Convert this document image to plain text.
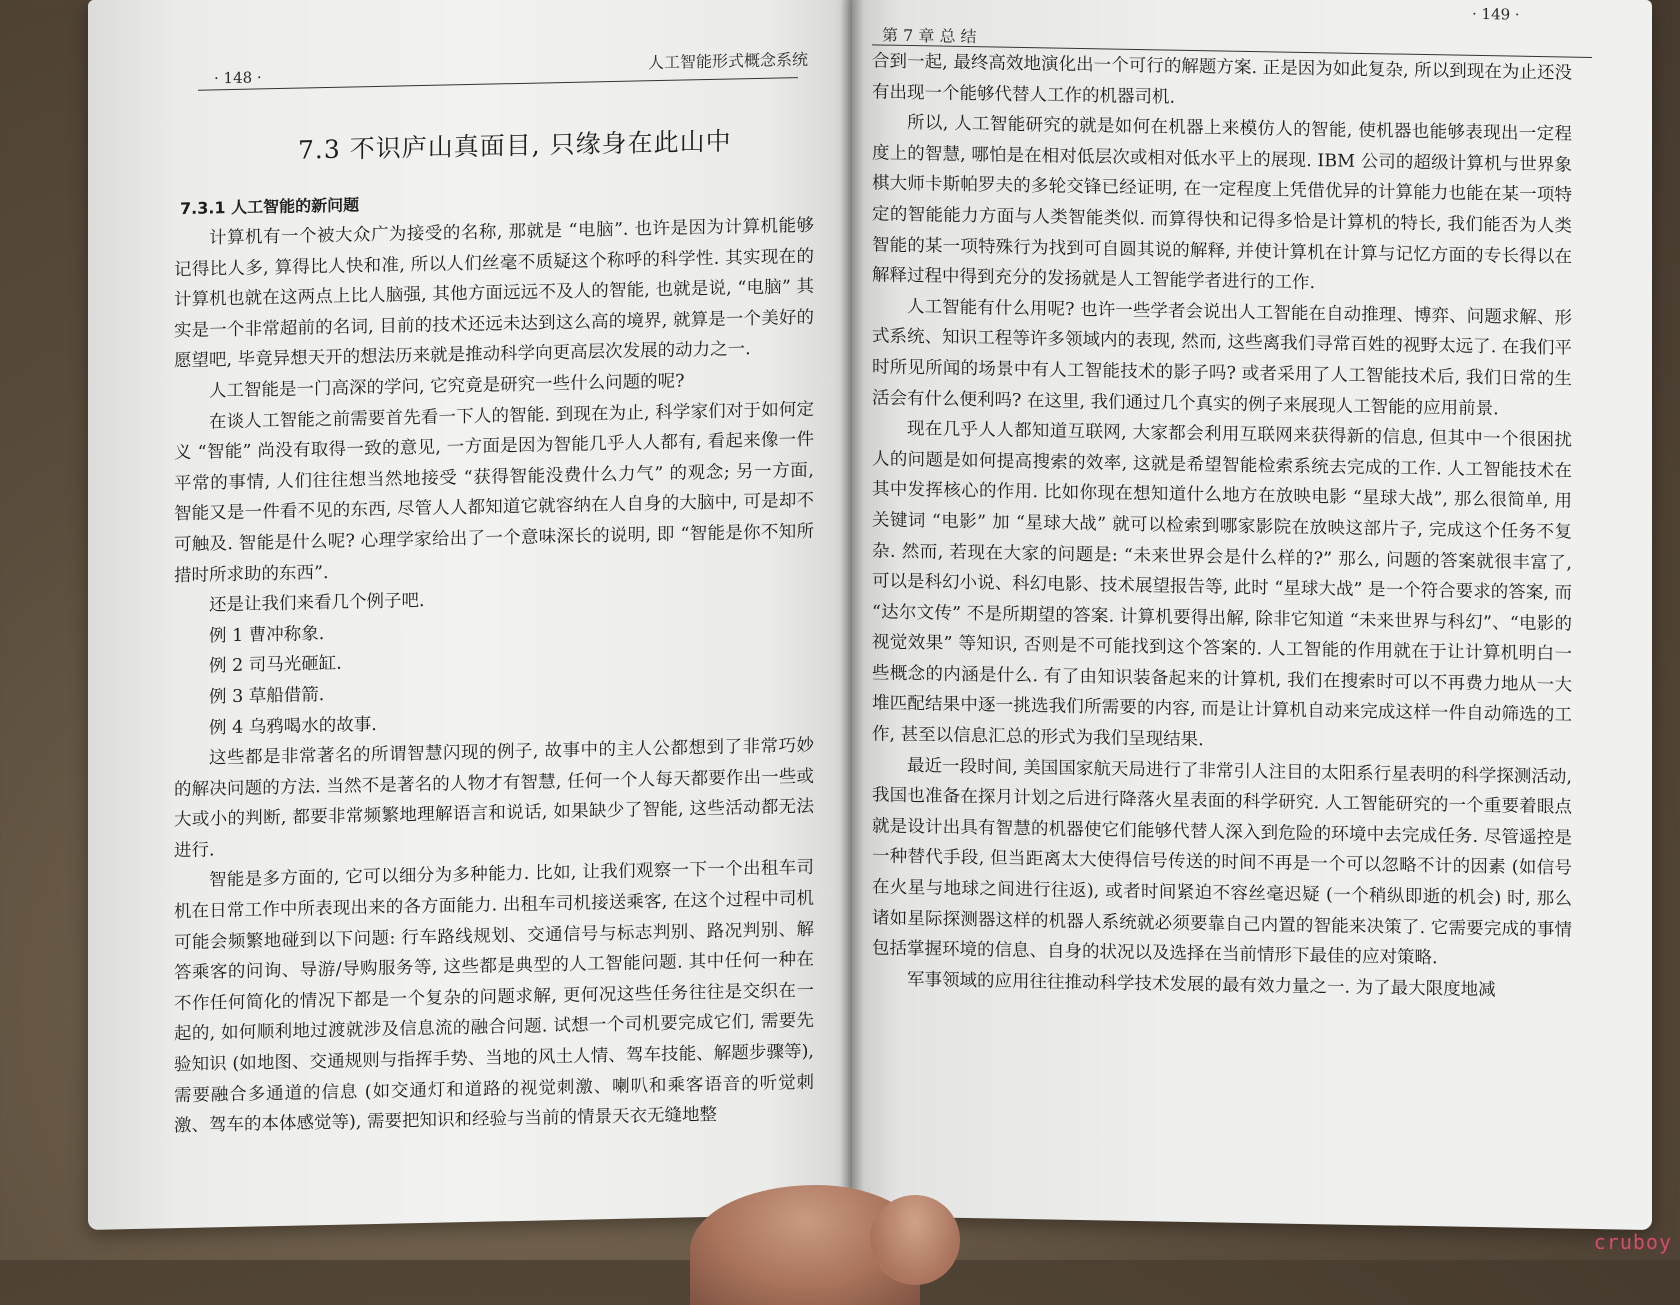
· 148 ·
人工智能形式概念系统
7.3 不识庐山真面目, 只缘身在此山中
7.3.1 人工智能的新问题

计算机有一个被大众广为接受的名称, 那就是 “电脑”. 也许是因为计算机能够记得比人多, 算得比人快和准, 所以人们丝毫不质疑这个称呼的科学性. 其实现在的计算机也就在这两点上比人脑强, 其他方面远远不及人的智能, 也就是说, “电脑” 其实是一个非常超前的名词, 目前的技术还远未达到这么高的境界, 就算是一个美好的愿望吧, 毕竟异想天开的想法历来就是推动科学向更高层次发展的动力之一.

人工智能是一门高深的学问, 它究竟是研究一些什么问题的呢?

在谈人工智能之前需要首先看一下人的智能. 到现在为止, 科学家们对于如何定义 “智能” 尚没有取得一致的意见, 一方面是因为智能几乎人人都有, 看起来像一件平常的事情, 人们往往想当然地接受 “获得智能没费什么力气” 的观念; 另一方面, 智能又是一件看不见的东西, 尽管人人都知道它就容纳在人自身的大脑中, 可是却不可触及. 智能是什么呢? 心理学家给出了一个意味深长的说明, 即 “智能是你不知所措时所求助的东西”.

还是让我们来看几个例子吧.

例 1 曹冲称象.

例 2 司马光砸缸.

例 3 草船借箭.

例 4 乌鸦喝水的故事.

这些都是非常著名的所谓智慧闪现的例子, 故事中的主人公都想到了非常巧妙的解决问题的方法. 当然不是著名的人物才有智慧, 任何一个人每天都要作出一些或大或小的判断, 都要非常频繁地理解语言和说话, 如果缺少了智能, 这些活动都无法进行.

智能是多方面的, 它可以细分为多种能力. 比如, 让我们观察一下一个出租车司机在日常工作中所表现出来的各方面能力. 出租车司机接送乘客, 在这个过程中司机可能会频繁地碰到以下问题: 行车路线规划、交通信号与标志判别、路况判别、解答乘客的问询、导游/导购服务等, 这些都是典型的人工智能问题. 其中任何一种在不作任何简化的情况下都是一个复杂的问题求解, 更何况这些任务往往是交织在一起的, 如何顺利地过渡就涉及信息流的融合问题. 试想一个司机要完成它们, 需要先验知识 (如地图、交通规则与指挥手势、当地的风土人情、驾车技能、解题步骤等), 需要融合多通道的信息 (如交通灯和道路的视觉刺激、喇叭和乘客语音的听觉刺激、驾车的本体感觉等), 需要把知识和经验与当前的情景天衣无缝地整

· 149 ·
第 7 章 总 结

合到一起, 最终高效地演化出一个可行的解题方案. 正是因为如此复杂, 所以到现在为止还没有出现一个能够代替人工作的机器司机.

所以, 人工智能研究的就是如何在机器上来模仿人的智能, 使机器也能够表现出一定程度上的智慧, 哪怕是在相对低层次或相对低水平上的展现. IBM 公司的超级计算机与世界象棋大师卡斯帕罗夫的多轮交锋已经证明, 在一定程度上凭借优异的计算能力也能在某一项特定的智能能力方面与人类智能类似. 而算得快和记得多恰是计算机的特长, 我们能否为人类智能的某一项特殊行为找到可自圆其说的解释, 并使计算机在计算与记忆方面的专长得以在解释过程中得到充分的发扬就是人工智能学者进行的工作.

人工智能有什么用呢? 也许一些学者会说出人工智能在自动推理、博弈、问题求解、形式系统、知识工程等许多领域内的表现, 然而, 这些离我们寻常百姓的视野太远了. 在我们平时所见所闻的场景中有人工智能技术的影子吗? 或者采用了人工智能技术后, 我们日常的生活会有什么便利吗? 在这里, 我们通过几个真实的例子来展现人工智能的应用前景.

现在几乎人人都知道互联网, 大家都会利用互联网来获得新的信息, 但其中一个很困扰人的问题是如何提高搜索的效率, 这就是希望智能检索系统去完成的工作. 人工智能技术在其中发挥核心的作用. 比如你现在想知道什么地方在放映电影 “星球大战”, 那么很简单, 用关键词 “电影” 加 “星球大战” 就可以检索到哪家影院在放映这部片子, 完成这个任务不复杂. 然而, 若现在大家的问题是: “未来世界会是什么样的?” 那么, 问题的答案就很丰富了, 可以是科幻小说、科幻电影、技术展望报告等, 此时 “星球大战” 是一个符合要求的答案, 而 “达尔文传” 不是所期望的答案. 计算机要得出解, 除非它知道 “未来世界与科幻”、“电影的视觉效果” 等知识, 否则是不可能找到这个答案的. 人工智能的作用就在于让计算机明白一些概念的内涵是什么. 有了由知识装备起来的计算机, 我们在搜索时可以不再费力地从一大堆匹配结果中逐一挑选我们所需要的内容, 而是让计算机自动来完成这样一件自动筛选的工作, 甚至以信息汇总的形式为我们呈现结果.

最近一段时间, 美国国家航天局进行了非常引人注目的太阳系行星表明的科学探测活动, 我国也准备在探月计划之后进行降落火星表面的科学研究. 人工智能研究的一个重要着眼点就是设计出具有智慧的机器使它们能够代替人深入到危险的环境中去完成任务. 尽管遥控是一种替代手段, 但当距离太大使得信号传送的时间不再是一个可以忽略不计的因素 (如信号在火星与地球之间进行往返), 或者时间紧迫不容丝毫迟疑 (一个稍纵即逝的机会) 时, 那么诸如星际探测器这样的机器人系统就必须要靠自己内置的智能来决策了. 它需要完成的事情包括掌握环境的信息、自身的状况以及选择在当前情形下最佳的应对策略.

军事领域的应用往往推动科学技术发展的最有效力量之一. 为了最大限度地减

cruboy
